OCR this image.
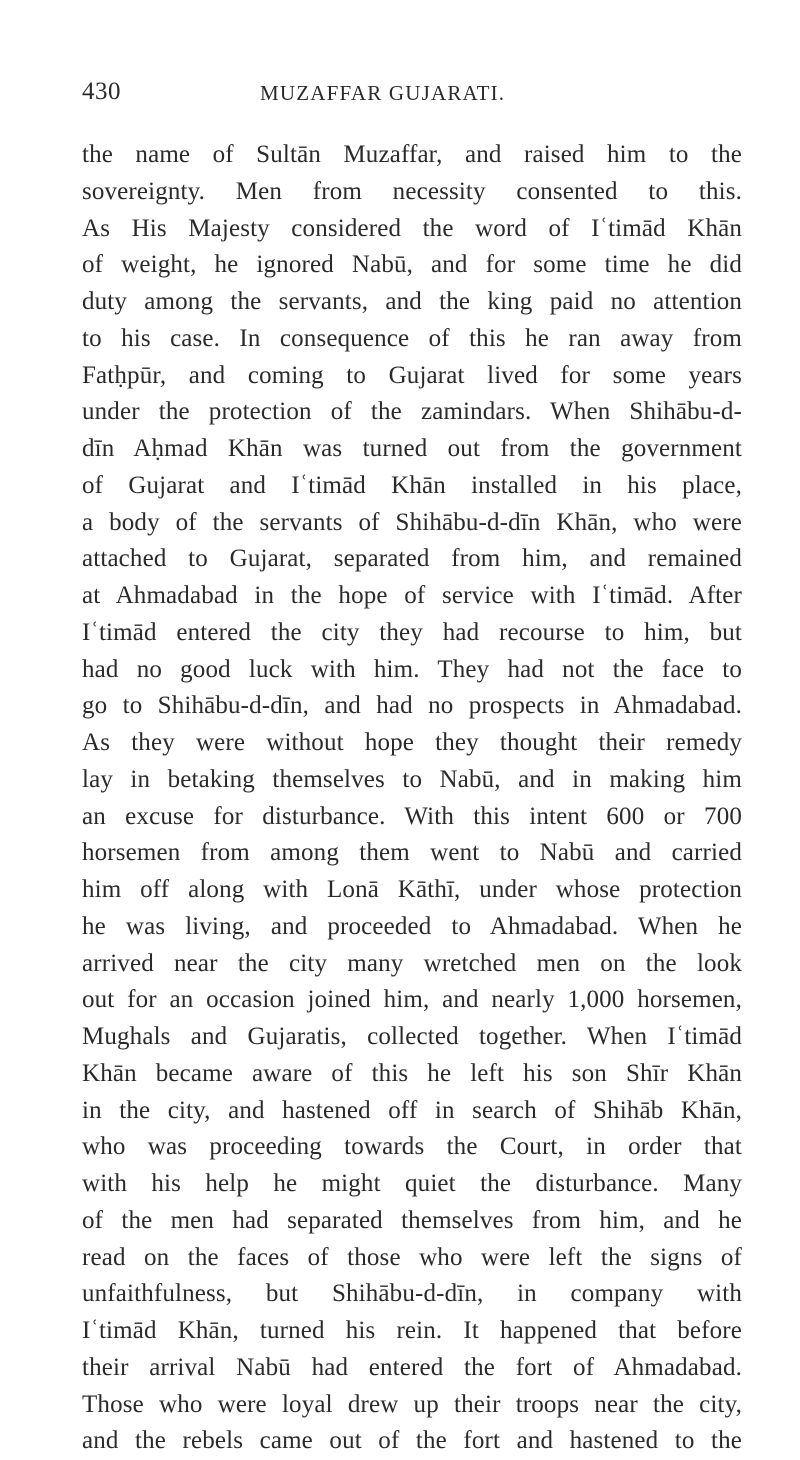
430	MUZAFFAR GUJARATI.
the name of Sultān Muzaffar, and raised him to the
sovereignty. Men from necessity consented to this.
As His Majesty considered the word of Iʿtimād Khān
of weight, he ignored Nabū, and for some time he did
duty among the servants, and the king paid no attention
to his case. In consequence of this he ran away from
Fatḥpūr, and coming to Gujarat lived for some years
under the protection of the zamindars. When Shihābu-d-
dīn Aḥmad Khān was turned out from the government
of Gujarat and Iʿtimād Khān installed in his place,
a body of the servants of Shihābu-d-dīn Khān, who were
attached to Gujarat, separated from him, and remained
at Ahmadabad in the hope of service with Iʿtimād. After
Iʿtimād entered the city they had recourse to him, but
had no good luck with him. They had not the face to
go to Shihābu-d-dīn, and had no prospects in Ahmadabad.
As they were without hope they thought their remedy
lay in betaking themselves to Nabū, and in making him
an excuse for disturbance. With this intent 600 or 700
horsemen from among them went to Nabū and carried
him off along with Lonā Kāthī, under whose protection
he was living, and proceeded to Ahmadabad. When he
arrived near the city many wretched men on the look
out for an occasion joined him, and nearly 1,000 horsemen,
Mughals and Gujaratis, collected together. When Iʿtimād
Khān became aware of this he left his son Shīr Khān
in the city, and hastened off in search of Shihāb Khān,
who was proceeding towards the Court, in order that
with his help he might quiet the disturbance. Many
of the men had separated themselves from him, and he
read on the faces of those who were left the signs of
unfaithfulness, but Shihābu-d-dīn, in company with
Iʿtimād Khān, turned his rein. It happened that before
their arrival Nabū had entered the fort of Ahmadabad.
Those who were loyal drew up their troops near the city,
and the rebels came out of the fort and hastened to the
